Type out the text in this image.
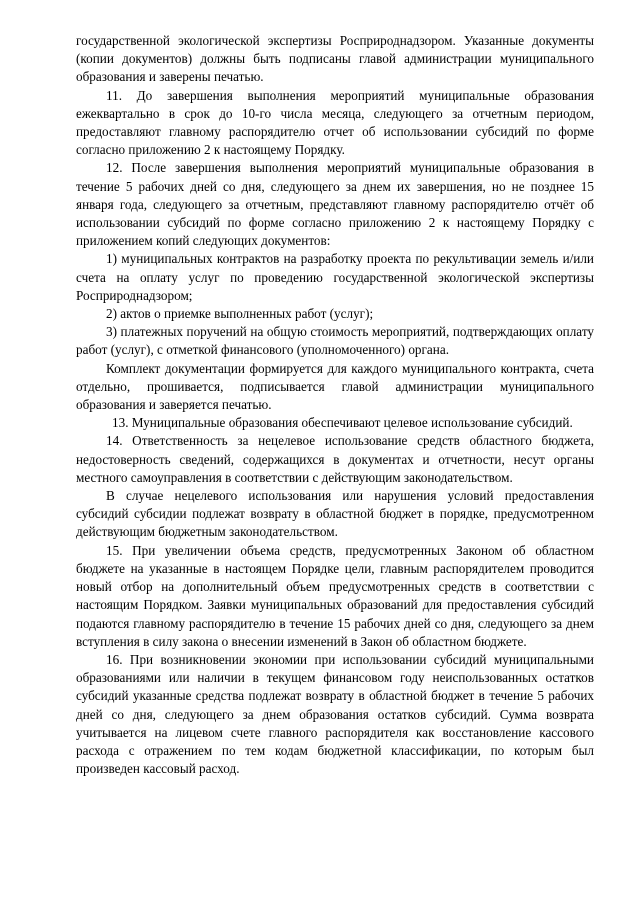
государственной экологической экспертизы Росприроднадзором. Указанные документы (копии документов) должны быть подписаны главой администрации муниципального образования и заверены печатью.

11. До завершения выполнения мероприятий муниципальные образования ежеквартально в срок до 10-го числа месяца, следующего за отчетным периодом, предоставляют главному распорядителю отчет об использовании субсидий по форме согласно приложению 2 к настоящему Порядку.

12. После завершения выполнения мероприятий муниципальные образования в течение 5 рабочих дней со дня, следующего за днем их завершения, но не позднее 15 января года, следующего за отчетным, представляют главному распорядителю отчёт об использовании субсидий по форме согласно приложению 2 к настоящему Порядку с приложением копий следующих документов:

1) муниципальных контрактов на разработку проекта по рекультивации земель и/или счета на оплату услуг по проведению государственной экологической экспертизы Росприроднадзором;

2) актов о приемке выполненных работ (услуг);

3) платежных поручений на общую стоимость мероприятий, подтверждающих оплату работ (услуг), с отметкой финансового (уполномоченного) органа.

Комплект документации формируется для каждого муниципального контракта, счета отдельно, прошивается, подписывается главой администрации муниципального образования и заверяется печатью.

13. Муниципальные образования обеспечивают целевое использование субсидий.

14. Ответственность за нецелевое использование средств областного бюджета, недостоверность сведений, содержащихся в документах и отчетности, несут органы местного самоуправления в соответствии с действующим законодательством.

В случае нецелевого использования или нарушения условий предоставления субсидий субсидии подлежат возврату в областной бюджет в порядке, предусмотренном действующим бюджетным законодательством.

15. При увеличении объема средств, предусмотренных Законом об областном бюджете на указанные в настоящем Порядке цели, главным распорядителем проводится новый отбор на дополнительный объем предусмотренных средств в соответствии с настоящим Порядком. Заявки муниципальных образований для предоставления субсидий подаются главному распорядителю в течение 15 рабочих дней со дня, следующего за днем вступления в силу закона о внесении изменений в Закон об областном бюджете.

16. При возникновении экономии при использовании субсидий муниципальными образованиями или наличии в текущем финансовом году неиспользованных остатков субсидий указанные средства подлежат возврату в областной бюджет в течение 5 рабочих дней со дня, следующего за днем образования остатков субсидий. Сумма возврата учитывается на лицевом счете главного распорядителя как восстановление кассового расхода с отражением по тем кодам бюджетной классификации, по которым был произведен кассовый расход.
